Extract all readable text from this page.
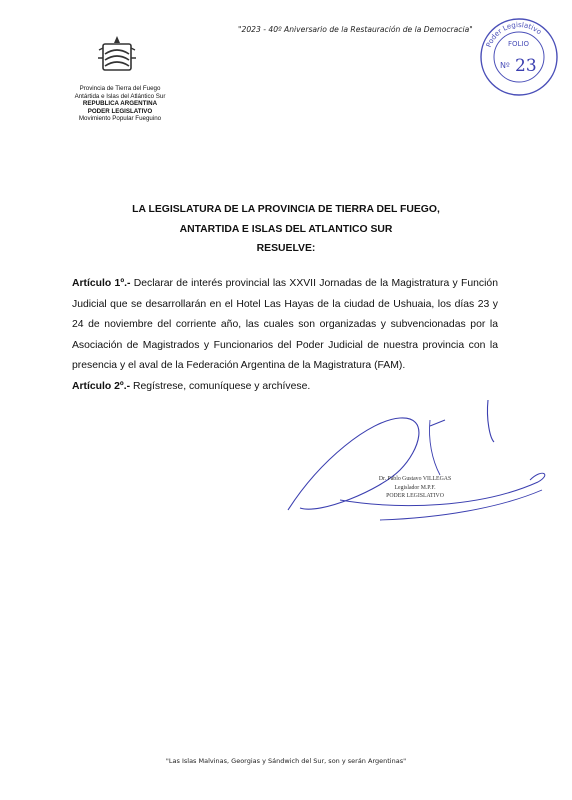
"2023 - 40º Aniversario de la Restauración de la Democracia"
Provincia de Tierra del Fuego
Antártida e Islas del Atlántico Sur
REPUBLICA ARGENTINA
PODER LEGISLATIVO
Movimiento Popular Fueguino
Poder Legislativo
FOLIO
Nº 23
LA LEGISLATURA DE LA PROVINCIA DE TIERRA DEL FUEGO,
ANTARTIDA E ISLAS DEL ATLANTICO SUR
RESUELVE:

Artículo 1º.- Declarar de interés provincial las XXVII Jornadas de la Magistratura y Función Judicial que se desarrollarán en el Hotel Las Hayas de la ciudad de Ushuaia, los días 23 y 24 de noviembre del corriente año, las cuales son organizadas y subvencionadas por la Asociación de Magistrados y Funcionarios del Poder Judicial de nuestra provincia con la presencia y el aval de la Federación Argentina de la Magistratura (FAM).

Artículo 2º.- Regístrese, comuníquese y archívese.

Dr. Pablo Gustavo VILLEGAS
Legislador M.P.F.
PODER LEGISLATIVO
"Las Islas Malvinas, Georgias y Sándwich del Sur, son y serán Argentinas"
